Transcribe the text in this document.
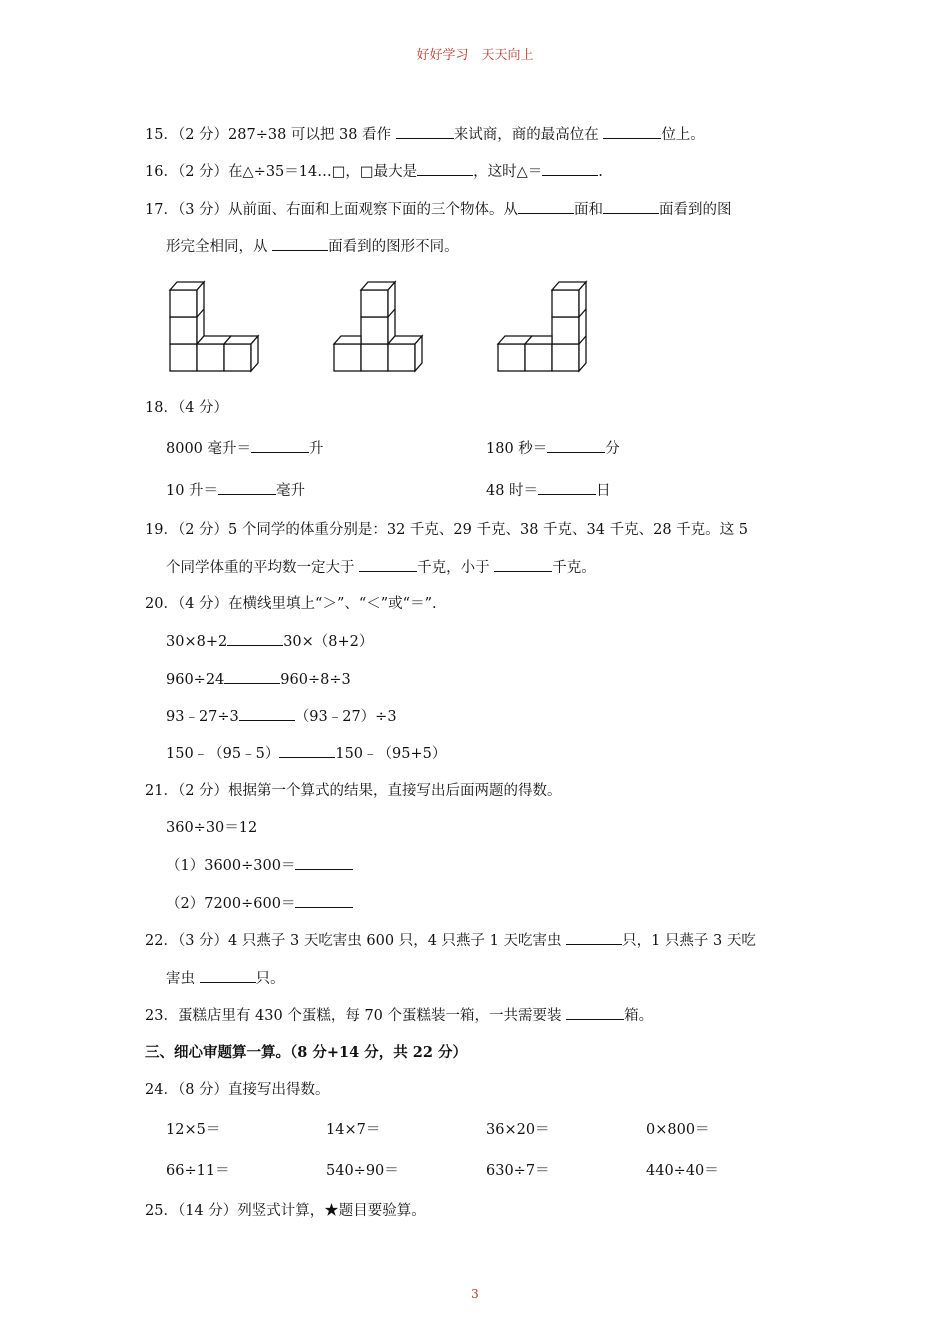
好好学习　天天向上
15．（2 分）287÷38 可以把 38 看作	来试商，商的最高位在	位上。
16．（2 分）在△÷35＝14…□，□最大是	，这时△＝	.
17．（3 分）从前面、右面和上面观察下面的三个物体。从	面和	面看到的图
形完全相同，从	面看到的图形不同。
18．（4 分）
8000 毫升＝	升	180 秒＝	分
10 升＝	毫升	48 时＝	日
19．（2 分）5 个同学的体重分别是：32 千克、29 千克、38 千克、34 千克、28 千克。这 5
个同学体重的平均数一定大于	千克，小于	千克。
20．（4 分）在横线里填上“＞”、“＜”或“＝”.
30×8+2	30×（8+2）
960÷24	960÷8÷3
93﹣27÷3	（93﹣27）÷3
150﹣（95﹣5）	150﹣（95+5）
21．（2 分）根据第一个算式的结果，直接写出后面两题的得数。
360÷30＝12
（1）3600÷300＝
（2）7200÷600＝
22．（3 分）4 只燕子 3 天吃害虫 600 只，4 只燕子 1 天吃害虫	只，1 只燕子 3 天吃
害虫	只。
23．蛋糕店里有 430 个蛋糕，每 70 个蛋糕装一箱，一共需要装	箱。
三、细心审题算一算。（8 分+14 分，共 22 分）
24．（8 分）直接写出得数。
12×5＝	14×7＝	36×20＝	0×800＝
66÷11＝	540÷90＝	630÷7＝	440÷40＝
25．（14 分）列竖式计算，★题目要验算。
3
